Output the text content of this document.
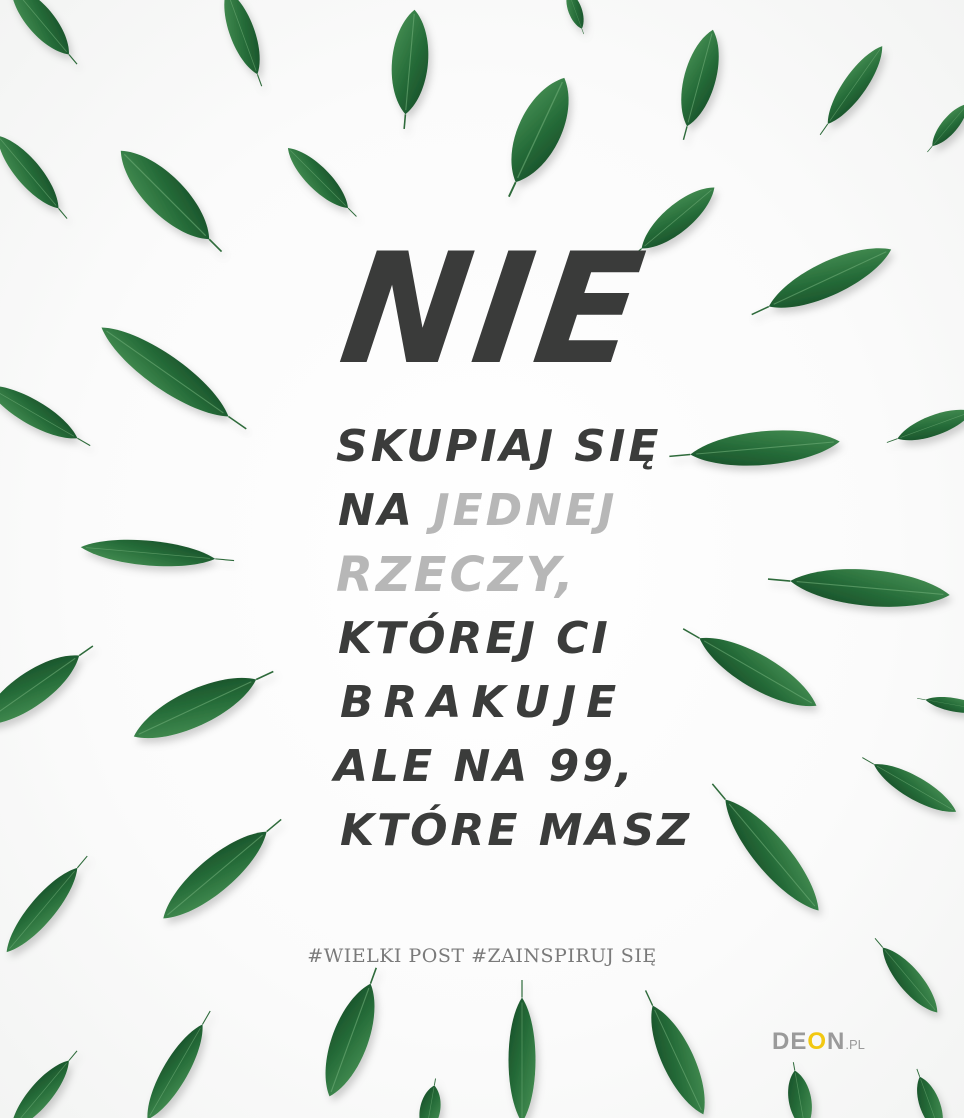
NIE
SKUPIAJ SIĘ
NA JEDNEJ
RZECZY,
KTÓREJ CI
BRAKUJE
ALE NA 99,
KTÓRE MASZ
#WIELKI POST #ZAINSPIRUJ SIĘ
DEON.PL
